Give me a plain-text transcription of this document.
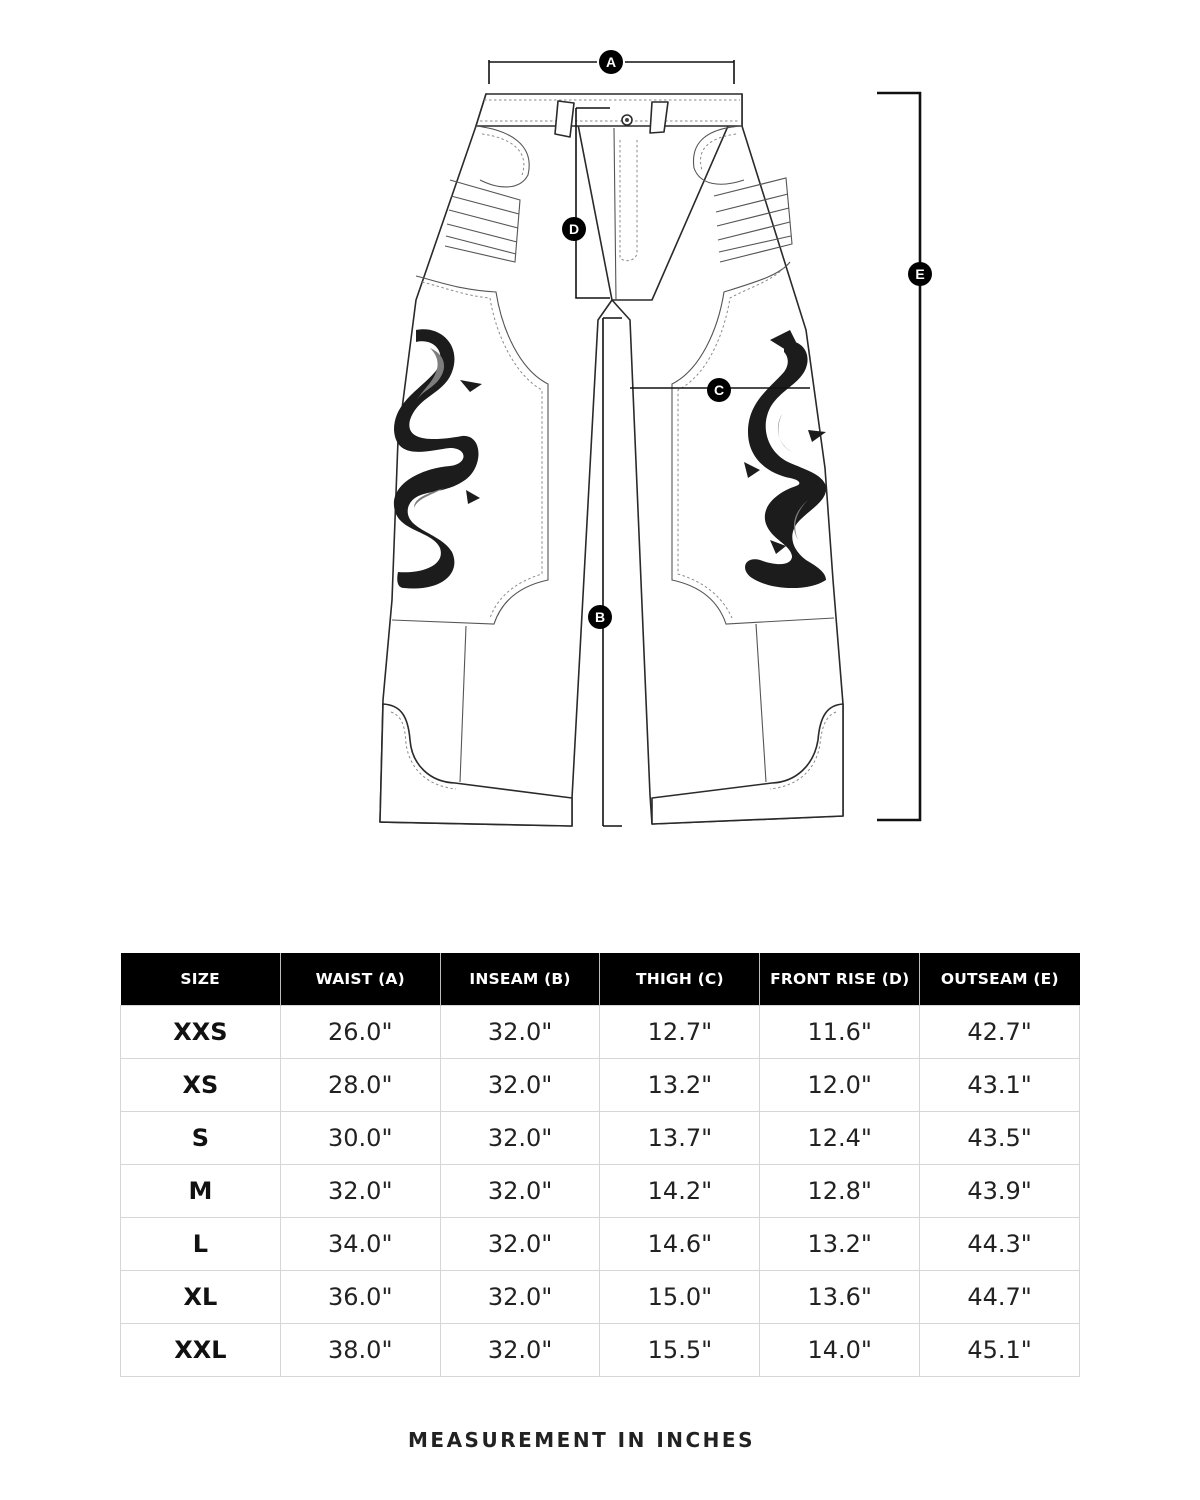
A
D
E
C
B
SIZE	WAIST (A)	INSEAM (B)	THIGH (C)	FRONT RISE (D)	OUTSEAM (E)
XXS	26.0"	32.0"	12.7"	11.6"	42.7"
XS	28.0"	32.0"	13.2"	12.0"	43.1"
S	30.0"	32.0"	13.7"	12.4"	43.5"
M	32.0"	32.0"	14.2"	12.8"	43.9"
L	34.0"	32.0"	14.6"	13.2"	44.3"
XL	36.0"	32.0"	15.0"	13.6"	44.7"
XXL	38.0"	32.0"	15.5"	14.0"	45.1"
MEASUREMENT IN INCHES
